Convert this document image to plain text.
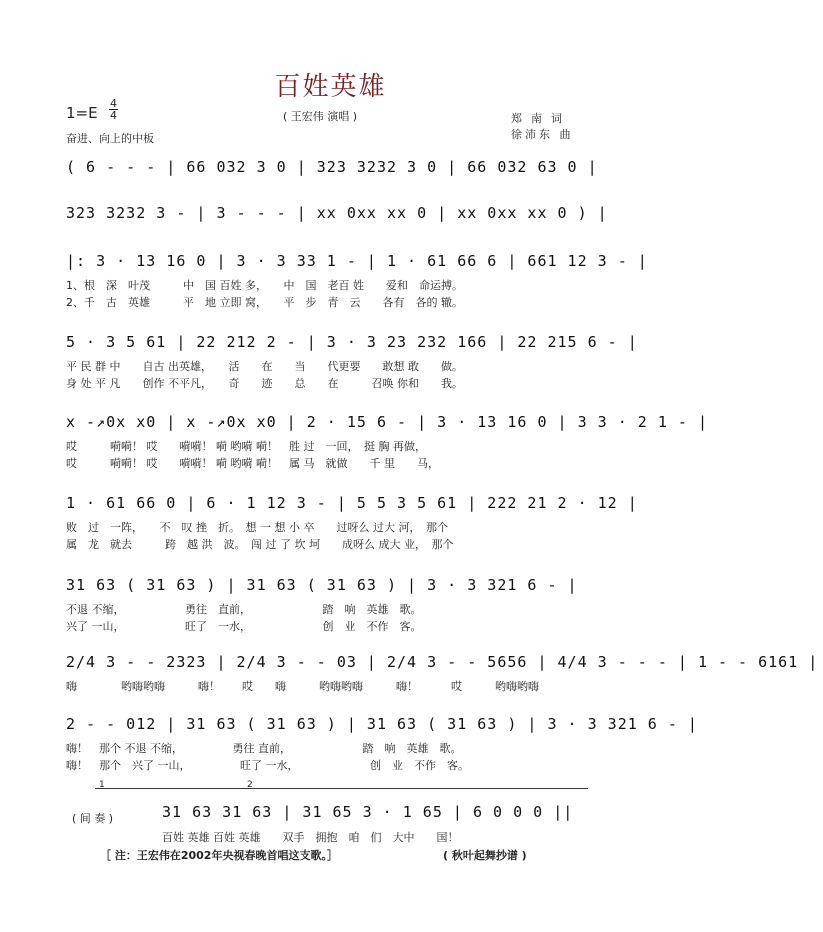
百姓英雄
1=E
4
4
奋进、向上的中板
( 王宏伟 演唱 )	郑南词
徐沛东 曲
( 6 - - - | 66 032 3 0 | 323 3232 3 0 | 66 032 63 0 |
323 3232 3 - | 3 - - - | xx 0xx xx 0 | xx 0xx xx 0 ) |
|: 3 · 13 16 0 | 3 · 3 33 1 - | 1 · 61 66 6 | 661 12 3 - |
1、根　深　叶茂　　　中　国 百姓 多，　　中　国　老百 姓　　爱和　命运搏。
2、千　古　英雄　　　平　地 立即 窝，　　平　步　青　云　　各有　各的 辙。
5 · 3 5 61 | 22 212 2 - | 3 · 3 23 232 166 | 22 215 6 - |
平 民 群 中　　自古 出英雄，　　活　　在　　当　　代更要　　敢想 敢　　做。
身 处 平 凡　　创作 不平凡，　　奇　　迹　　总　　在　　　召唤 你和　　我。
x -↗0x x0 | x -↗0x x0 | 2 · 15 6 - | 3 · 13 16 0 | 3 3 · 2 1 - |
哎　　　嗬嗬！ 哎　　嗬嗬！ 嗬 哟嗬 嗬！　胜 过　一回，　挺 胸 再做，
哎　　　嗬嗬！ 哎　　嗬嗬！ 嗬 哟嗬 嗬！　属 马　就做　　千 里　　马，
1 · 61 66 0 | 6 · 1 12 3 - | 5 5 3 5 61 | 222 21 2 · 12 |
败　过　一阵，　　不　叹 挫　折。　想 一 想 小 卒　　过呀么 过大 河，　那个
属　龙　就去　　　跨　越 洪　波。　闯 过 了 坎 坷　　成呀么 成大 业，　那个
31 63 ( 31 63 ) | 31 63 ( 31 63 ) | 3 · 3 321 6 - |
不退 不缩，　　　　　　勇往　直前，　　　　　　　踏　响　英雄　歌。
兴了 一山，　　　　　　旺了　一水，　　　　　　　创　业　不作　客。
2/4 3 - - 2323 | 2/4 3 - - 03 | 2/4 3 - - 5656 | 4/4 3 - - - | 1 - - 6161 |
嗨　　　　哟嗨哟嗨　　　嗨！　　哎　　嗨　　　哟嗨哟嗨　　　嗨！　　　哎　　　哟嗨哟嗨
2 - - 012 | 31 63 ( 31 63 ) | 31 63 ( 31 63 ) | 3 · 3 321 6 - |
嗨！　那个 不退 不缩，　　　　　勇往 直前，　　　　　　　踏　响　英雄　歌。
嗨！　那个　兴了 一山，　　　　　旺了 一水，　　　　　　　创　业　不作　客。
1	2
( 间 奏 )	31 63 31 63 | 31 65 3 · 1 65 | 6 0 0 0 ||
百姓 英雄 百姓 英雄　　双手　拥抱　咱　们　大中　　国！
［ 注：王宏伟在2002年央视春晚首唱这支歌。］	( 秋叶起舞抄谱 )
